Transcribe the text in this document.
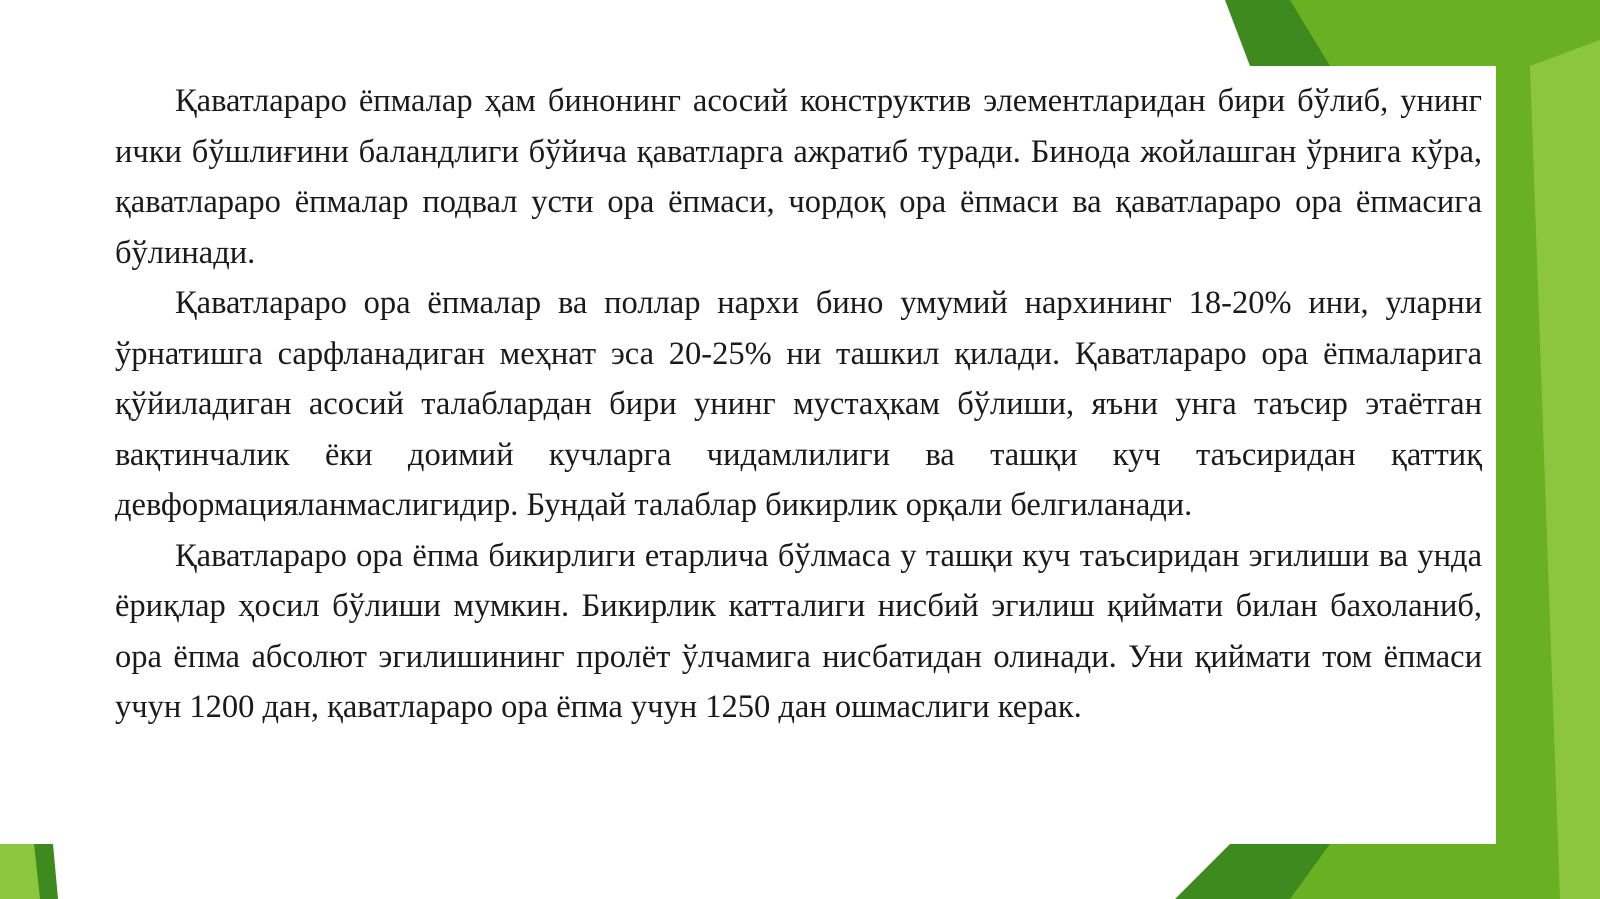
Қаватлараро ёпмалар ҳам бинонинг асосий конструктив элементларидан бири бўлиб, унинг ички бўшлиғини баландлиги бўйича қаватларга ажратиб туради. Бинода жойлашган ўрнига кўра, қаватлараро ёпмалар подвал усти ора ёпмаси, чордоқ ора ёпмаси ва қаватлараро ора ёпмасига бўлинади.

Қаватлараро ора ёпмалар ва поллар нархи бино умумий нархининг 18-20% ини, уларни ўрнатишга сарфланадиган меҳнат эса 20-25% ни ташкил қилади. Қаватлараро ора ёпмаларига қўйиладиган асосий талаблардан бири унинг мустаҳкам бўлиши, яъни унга таъсир этаётган вақтинчалик ёки доимий кучларга чидамлилиги ва ташқи куч таъсиридан қаттиқ девформацияланмаслигидир. Бундай талаблар бикирлик орқали белгиланади.

Қаватлараро ора ёпма бикирлиги етарлича бўлмаса у ташқи куч таъсиридан эгилиши ва унда ёриқлар ҳосил бўлиши мумкин. Бикирлик катталиги нисбий эгилиш қиймати билан бахоланиб, ора ёпма абсолют эгилишининг пролёт ўлчамига нисбатидан олинади. Уни қиймати том ёпмаси учун 1200 дан, қаватлараро ора ёпма учун 1250 дан ошмаслиги керак.
